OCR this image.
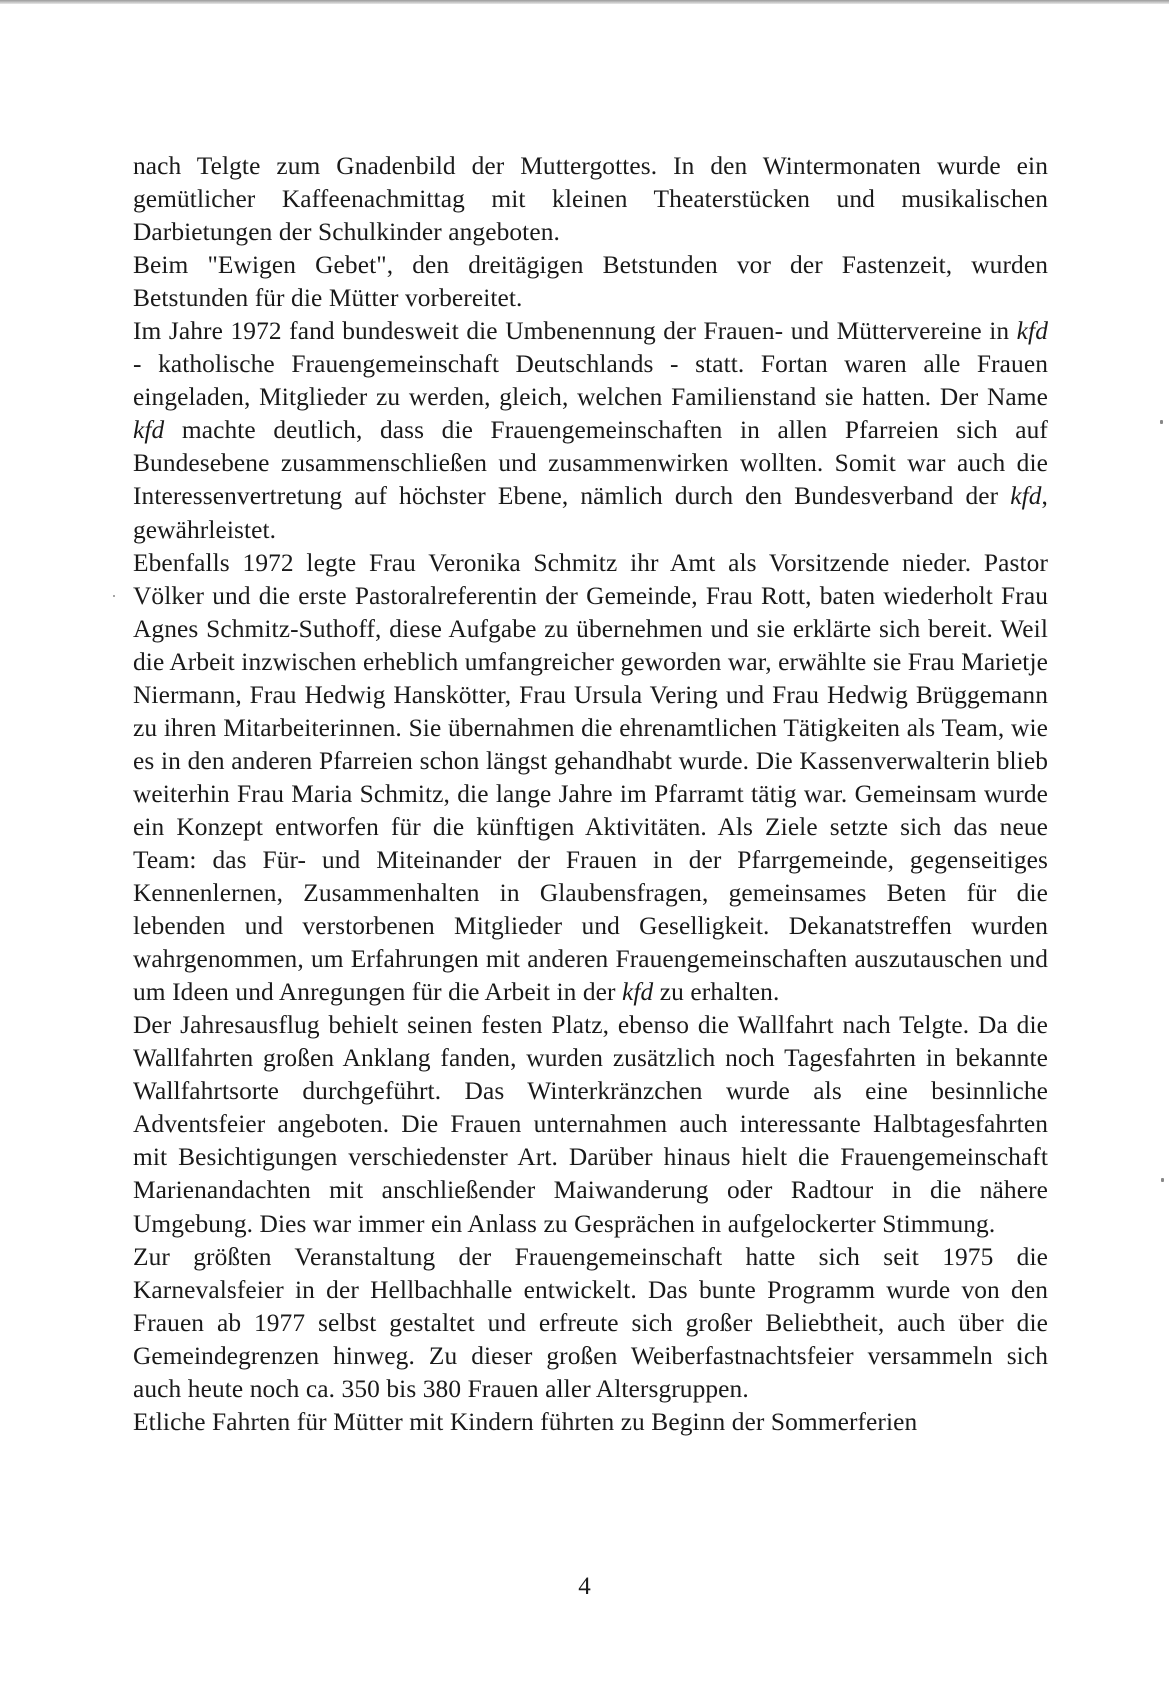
nach Telgte zum Gnadenbild der Muttergottes. In den Wintermonaten wurde ein gemütlicher Kaffeenachmittag mit kleinen Theaterstücken und musikalischen Darbietungen der Schulkinder angeboten.

Beim "Ewigen Gebet", den dreitägigen Betstunden vor der Fastenzeit, wurden Betstunden für die Mütter vorbereitet.

Im Jahre 1972 fand bundesweit die Umbenennung der Frauen- und Müttervereine in kfd - katholische Frauengemeinschaft Deutschlands - statt. Fortan waren alle Frauen eingeladen, Mitglieder zu werden, gleich, welchen Familienstand sie hatten. Der Name kfd machte deutlich, dass die Frauengemeinschaften in allen Pfarreien sich auf Bundesebene zusammenschließen und zusammenwirken wollten. Somit war auch die Interessenvertretung auf höchster Ebene, nämlich durch den Bundesverband der kfd, gewährleistet.

Ebenfalls 1972 legte Frau Veronika Schmitz ihr Amt als Vorsitzende nieder. Pastor Völker und die erste Pastoralreferentin der Gemeinde, Frau Rott, baten wiederholt Frau Agnes Schmitz-Suthoff, diese Aufgabe zu übernehmen und sie erklärte sich bereit. Weil die Arbeit inzwischen erheblich umfangreicher geworden war, erwählte sie Frau Marietje Niermann, Frau Hedwig Hanskötter, Frau Ursula Vering und Frau Hedwig Brüggemann zu ihren Mitarbeiterinnen. Sie übernahmen die ehrenamtlichen Tätigkeiten als Team, wie es in den anderen Pfarreien schon längst gehandhabt wurde. Die Kassenverwalterin blieb weiterhin Frau Maria Schmitz, die lange Jahre im Pfarramt tätig war. Gemeinsam wurde ein Konzept entworfen für die künftigen Aktivitäten. Als Ziele setzte sich das neue Team: das Für- und Miteinander der Frauen in der Pfarrgemeinde, gegenseitiges Kennenlernen, Zusammenhalten in Glaubensfragen, gemeinsames Beten für die lebenden und verstorbenen Mitglieder und Geselligkeit. Dekanatstreffen wurden wahrgenommen, um Erfahrungen mit anderen Frauengemeinschaften auszutauschen und um Ideen und Anregungen für die Arbeit in der kfd zu erhalten.

Der Jahresausflug behielt seinen festen Platz, ebenso die Wallfahrt nach Telgte. Da die Wallfahrten großen Anklang fanden, wurden zusätzlich noch Tagesfahrten in bekannte Wallfahrtsorte durchgeführt. Das Winterkränzchen wurde als eine besinnliche Adventsfeier angeboten. Die Frauen unternahmen auch interessante Halbtagesfahrten mit Besichtigungen verschiedenster Art. Darüber hinaus hielt die Frauengemeinschaft Marienandachten mit anschließender Maiwanderung oder Radtour in die nähere Umgebung. Dies war immer ein Anlass zu Gesprächen in aufgelockerter Stimmung.

Zur größten Veranstaltung der Frauengemeinschaft hatte sich seit 1975 die Karnevalsfeier in der Hellbachhalle entwickelt. Das bunte Programm wurde von den Frauen ab 1977 selbst gestaltet und erfreute sich großer Beliebtheit, auch über die Gemeindegrenzen hinweg. Zu dieser großen Weiberfastnachtsfeier versammeln sich auch heute noch ca. 350 bis 380 Frauen aller Altersgruppen.

Etliche Fahrten für Mütter mit Kindern führten zu Beginn der Sommerferien

4
